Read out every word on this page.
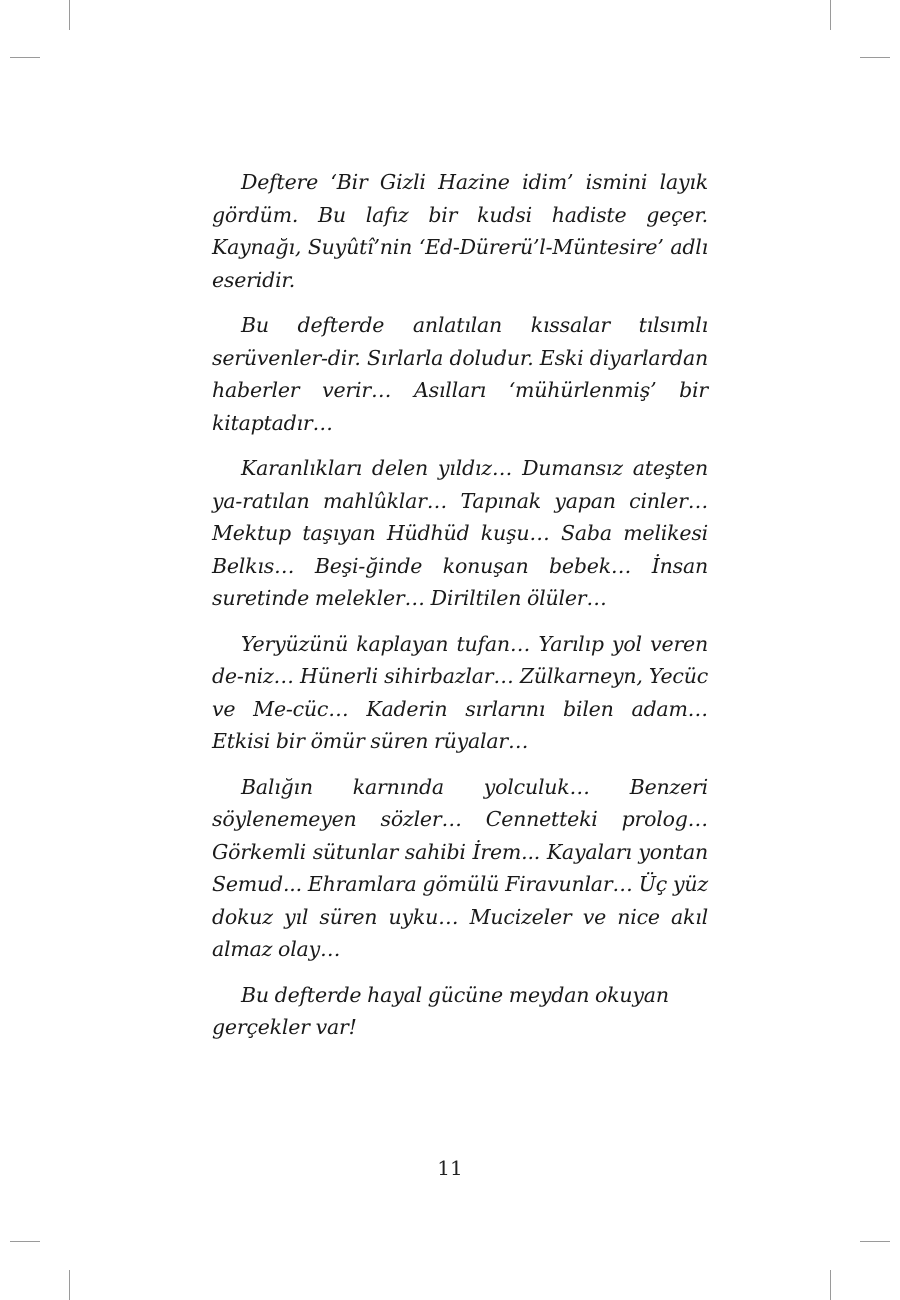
Deftere ‘Bir Gizli Hazine idim’ ismini layık gördüm. Bu lafız bir kudsi hadiste geçer. Kaynağı, Suyûtî’nin ‘Ed-Dürerü’l-Müntesire’ adlı eseridir.

Bu defterde anlatılan kıssalar tılsımlı serüvenler-dir. Sırlarla doludur. Eski diyarlardan haberler verir… Asılları ‘mühürlenmiş’ bir kitaptadır…

Karanlıkları delen yıldız… Dumansız ateşten ya-ratılan mahlûklar… Tapınak yapan cinler… Mektup taşıyan Hüdhüd kuşu… Saba melikesi Belkıs… Beşi-ğinde konuşan bebek… İnsan suretinde melekler… Diriltilen ölüler…

Yeryüzünü kaplayan tufan… Yarılıp yol veren de-niz… Hünerli sihirbazlar… Zülkarneyn, Yecüc ve Me-cüc… Kaderin sırlarını bilen adam… Etkisi bir ömür süren rüyalar…

Balığın karnında yolculuk… Benzeri söylenemeyen sözler… Cennetteki prolog… Görkemli sütunlar sahibi İrem... Kayaları yontan Semud... Ehramlara gömülü Firavunlar… Üç yüz dokuz yıl süren uyku… Mucizeler ve nice akıl almaz olay…

Bu defterde hayal gücüne meydan okuyan gerçekler var!

11
